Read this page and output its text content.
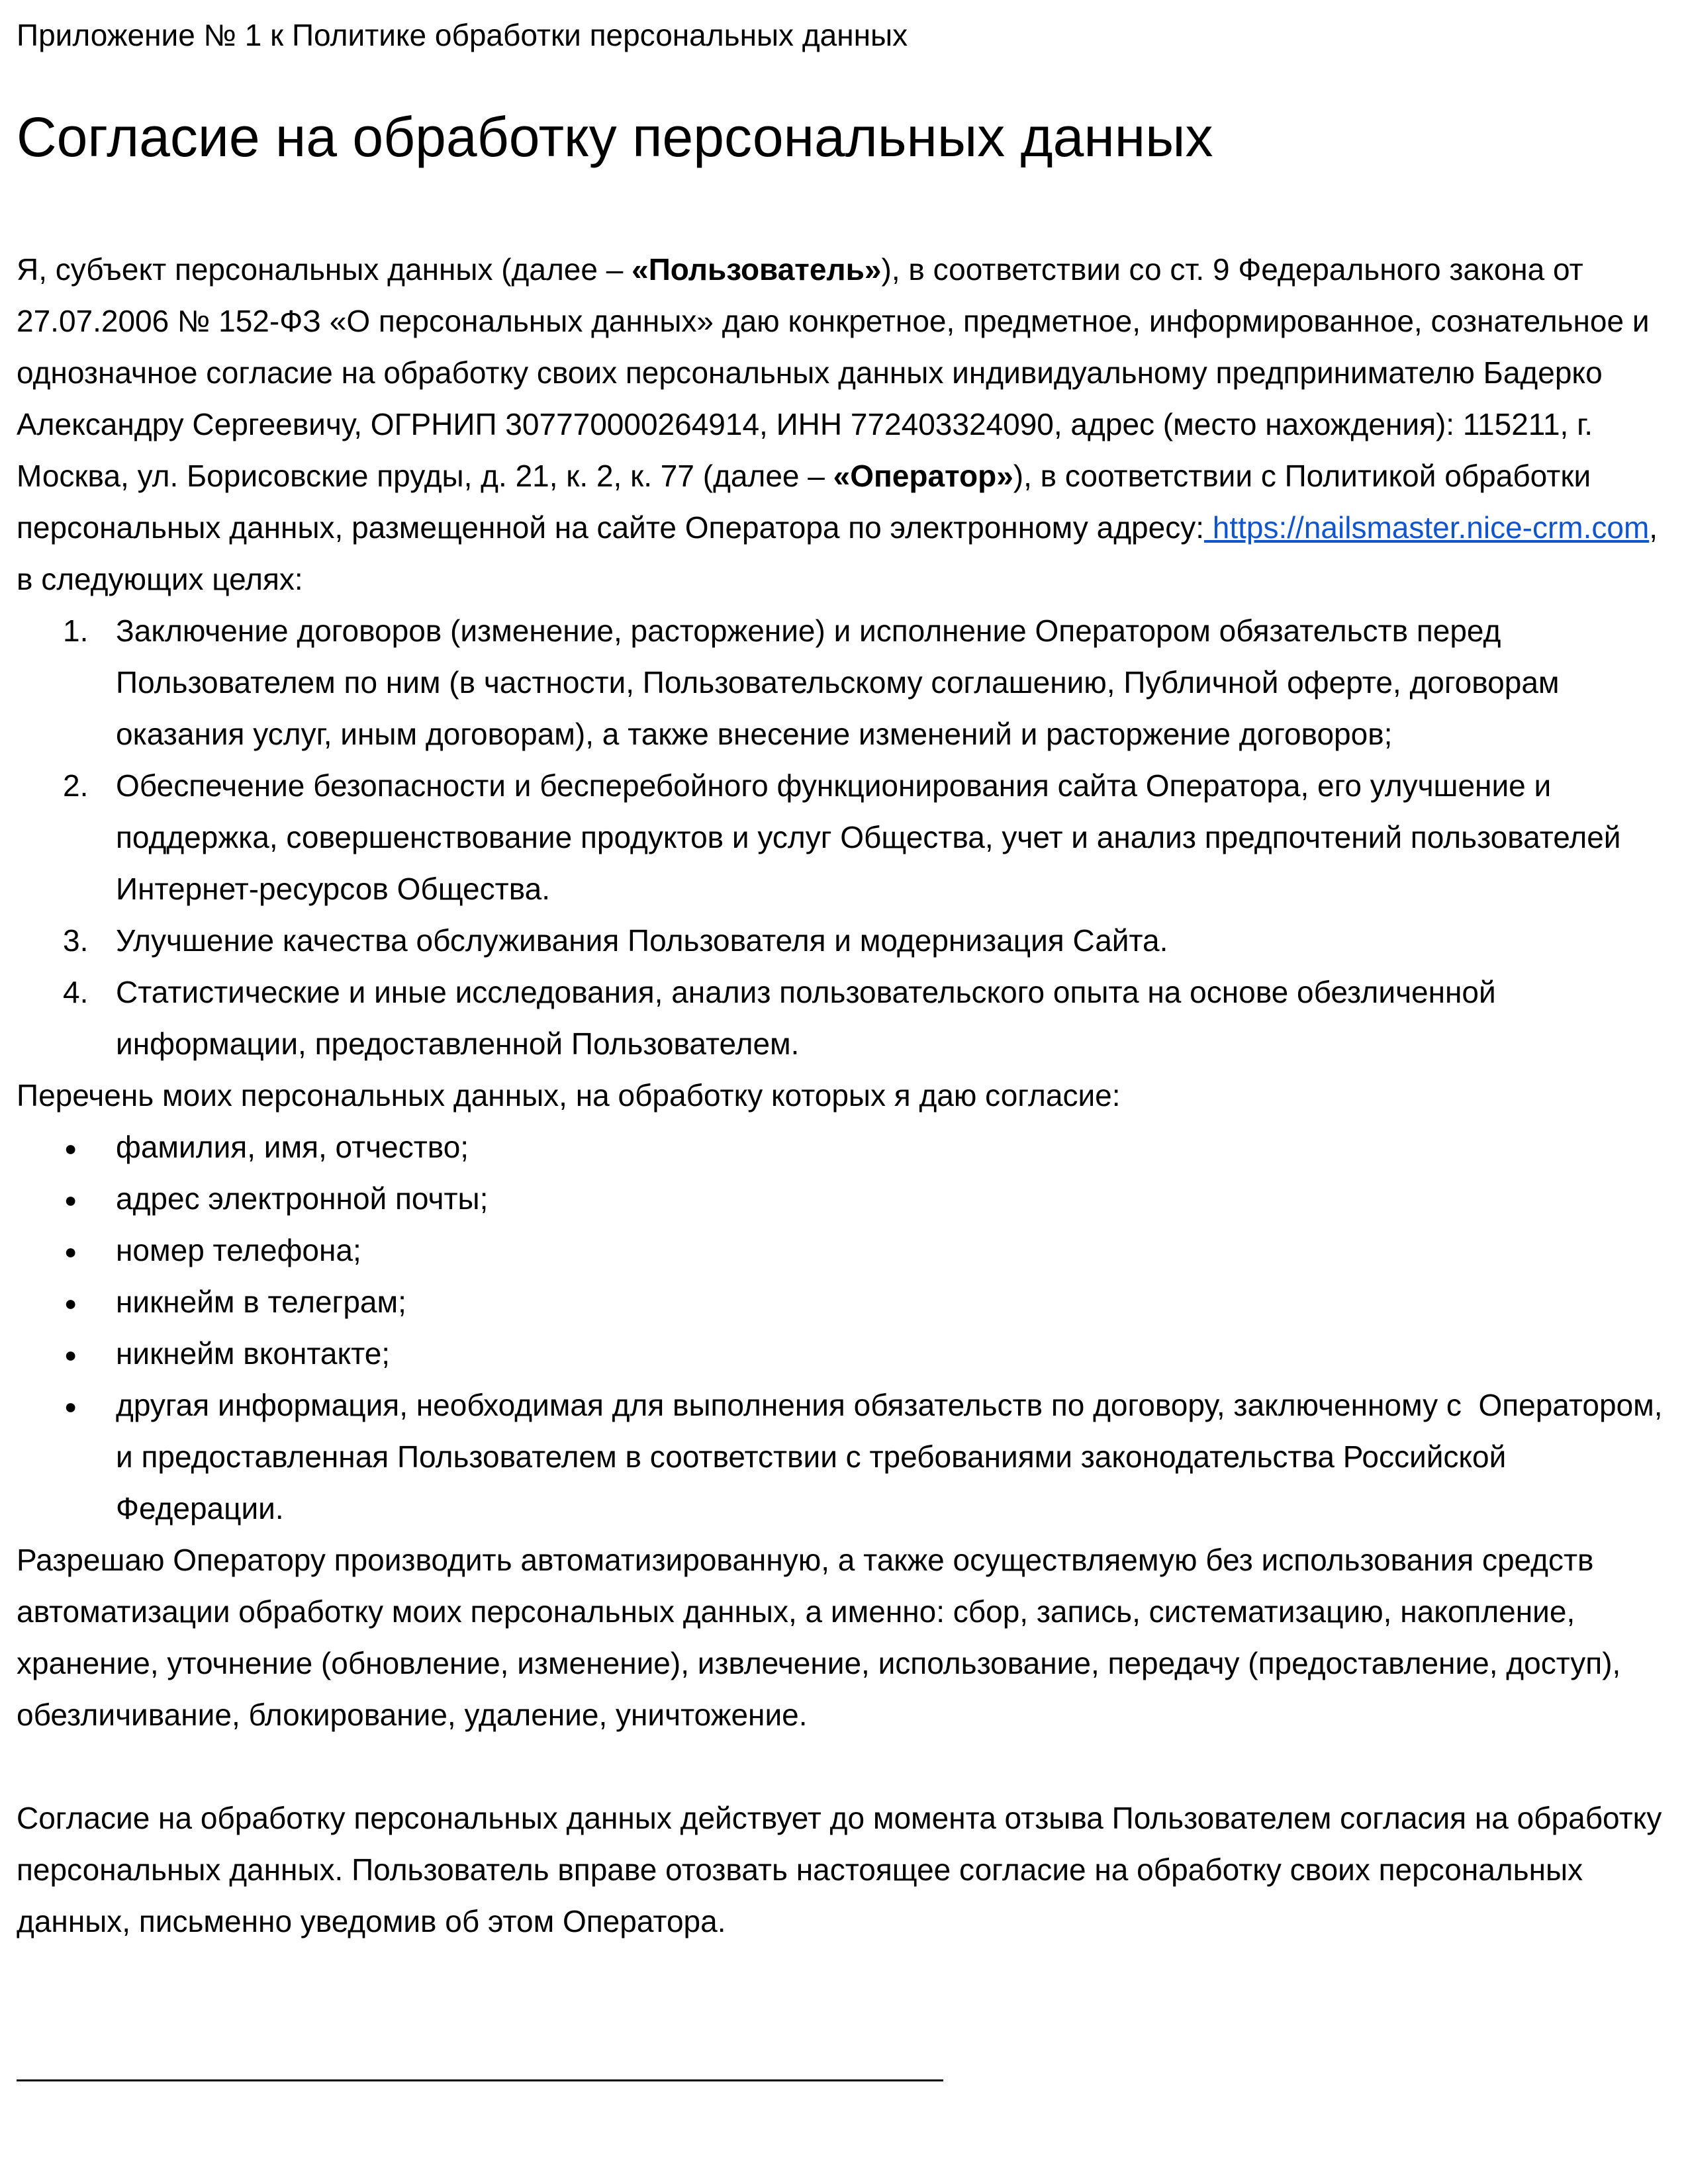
Приложение № 1 к Политике обработки персональных данных

Согласие на обработку персональных данных

Я, субъект персональных данных (далее – «Пользователь»), в соответствии со ст. 9 Федерального закона от 27.07.2006 № 152-ФЗ «О персональных данных» даю конкретное, предметное, информированное, сознательное и однозначное согласие на обработку своих персональных данных индивидуальному предпринимателю Бадерко Александру Сергеевичу, ОГРНИП 307770000264914, ИНН 772403324090, адрес (место нахождения): 115211, г. Москва, ул. Борисовские пруды, д. 21, к. 2, к. 77 (далее – «Оператор»), в соответствии с Политикой обработки персональных данных, размещенной на сайте Оператора по электронному адресу: https://nailsmaster.nice-crm.com, в следующих целях:

Заключение договоров (изменение, расторжение) и исполнение Оператором обязательств перед Пользователем по ним (в частности, Пользовательскому соглашению, Публичной оферте, договорам оказания услуг, иным договорам), а также внесение изменений и расторжение договоров;
Обеспечение безопасности и бесперебойного функционирования сайта Оператора, его улучшение и поддержка, совершенствование продуктов и услуг Общества, учет и анализ предпочтений пользователей Интернет-ресурсов Общества.
Улучшение качества обслуживания Пользователя и модернизация Сайта.
Статистические и иные исследования, анализ пользовательского опыта на основе обезличенной информации, предоставленной Пользователем.

Перечень моих персональных данных, на обработку которых я даю согласие:

● фамилия, имя, отчество;
● адрес электронной почты;
● номер телефона;
● никнейм в телеграм;
● никнейм вконтакте;
● другая информация, необходимая для выполнения обязательств по договору, заключенному с  Оператором, и предоставленная Пользователем в соответствии с требованиями законодательства Российской Федерации.

Разрешаю Оператору производить автоматизированную, а также осуществляемую без использования средств автоматизации обработку моих персональных данных, а именно: сбор, запись, систематизацию, накопление, хранение, уточнение (обновление, изменение), извлечение, использование, передачу (предоставление, доступ), обезличивание, блокирование, удаление, уничтожение.

Согласие на обработку персональных данных действует до момента отзыва Пользователем согласия на обработку персональных данных. Пользователь вправе отозвать настоящее согласие на обработку своих персональных данных, письменно уведомив об этом Оператора.
